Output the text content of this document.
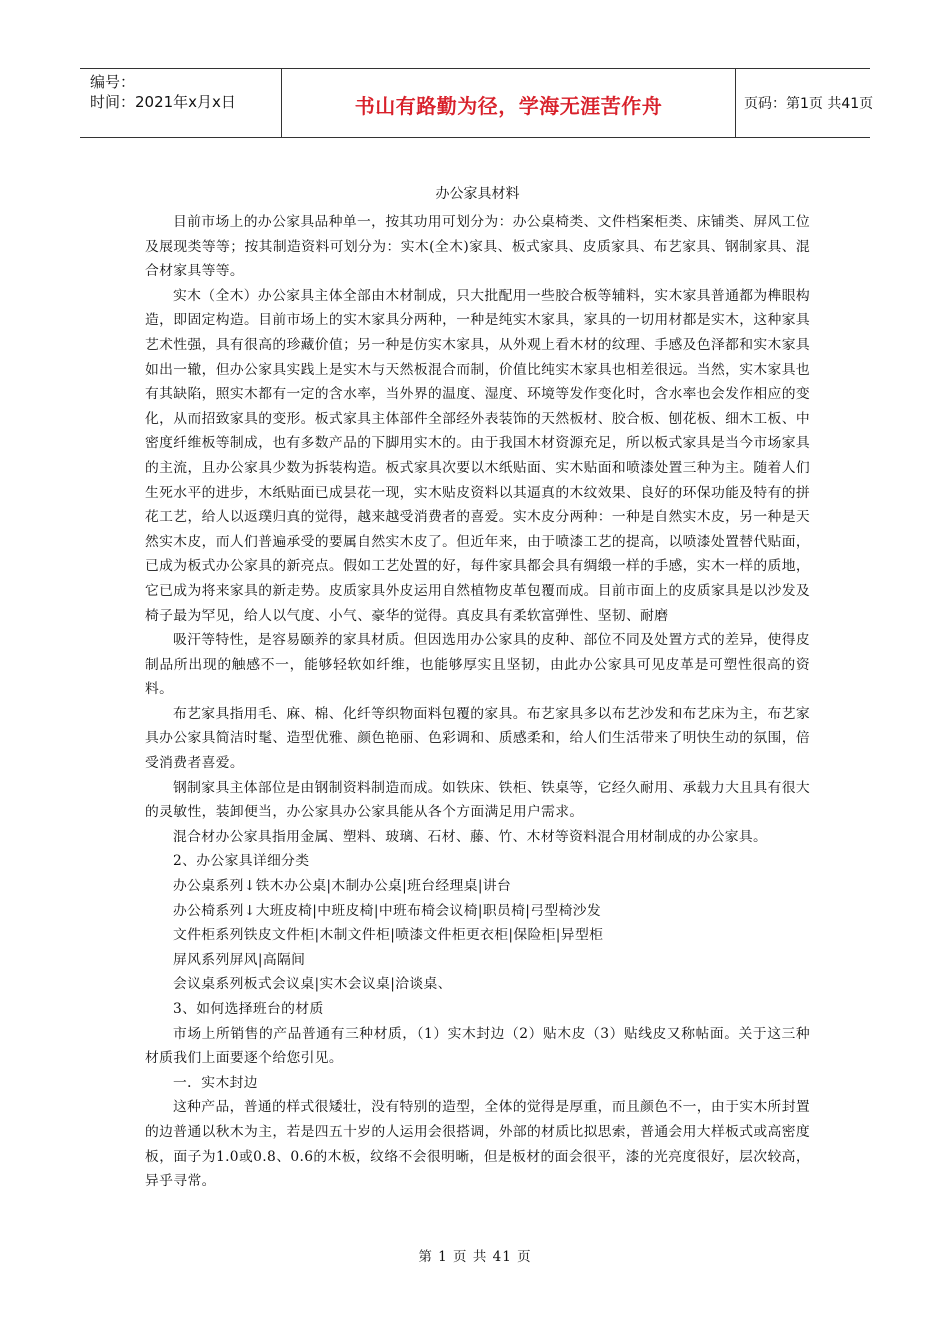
编号：
时间：2021年x月x日	书山有路勤为径，学海无涯苦作舟	页码：第1页 共41页
办公家具材料

目前市场上的办公家具品种单一，按其功用可划分为：办公桌椅类、文件档案柜类、床铺类、屏风工位及展现类等等；按其制造资料可划分为：实木(全木)家具、板式家具、皮质家具、布艺家具、钢制家具、混合材家具等等。

实木（全木）办公家具主体全部由木材制成，只大批配用一些胶合板等辅料，实木家具普通都为榫眼构造，即固定构造。目前市场上的实木家具分两种，一种是纯实木家具，家具的一切用材都是实木，这种家具艺术性强，具有很高的珍藏价值；另一种是仿实木家具，从外观上看木材的纹理、手感及色泽都和实木家具如出一辙，但办公家具实践上是实木与天然板混合而制，价值比纯实木家具也相差很远。当然，实木家具也有其缺陷，照实木都有一定的含水率，当外界的温度、湿度、环境等发作变化时，含水率也会发作相应的变化，从而招致家具的变形。板式家具主体部件全部经外表装饰的天然板材、胶合板、刨花板、细木工板、中密度纤维板等制成，也有多数产品的下脚用实木的。由于我国木材资源充足，所以板式家具是当今市场家具的主流，且办公家具少数为拆装构造。板式家具次要以木纸贴面、实木贴面和喷漆处置三种为主。随着人们生死水平的进步，木纸贴面已成昙花一现，实木贴皮资料以其逼真的木纹效果、良好的环保功能及特有的拼花工艺，给人以返璞归真的觉得，越来越受消费者的喜爱。实木皮分两种：一种是自然实木皮，另一种是天然实木皮，而人们普遍承受的要属自然实木皮了。但近年来，由于喷漆工艺的提高，以喷漆处置替代贴面，已成为板式办公家具的新亮点。假如工艺处置的好，每件家具都会具有绸缎一样的手感，实木一样的质地，它已成为将来家具的新走势。皮质家具外皮运用自然植物皮革包覆而成。目前市面上的皮质家具是以沙发及椅子最为罕见，给人以气度、小气、豪华的觉得。真皮具有柔软富弹性、坚韧、耐磨

吸汗等特性，是容易颐养的家具材质。但因选用办公家具的皮种、部位不同及处置方式的差异，使得皮制品所出现的触感不一，能够轻软如纤维，也能够厚实且坚韧，由此办公家具可见皮革是可塑性很高的资料。

布艺家具指用毛、麻、棉、化纤等织物面料包覆的家具。布艺家具多以布艺沙发和布艺床为主，布艺家具办公家具简洁时髦、造型优雅、颜色艳丽、色彩调和、质感柔和，给人们生活带来了明快生动的氛围，倍受消费者喜爱。

钢制家具主体部位是由钢制资料制造而成。如铁床、铁柜、铁桌等，它经久耐用、承载力大且具有很大的灵敏性，装卸便当，办公家具办公家具能从各个方面满足用户需求。

混合材办公家具指用金属、塑料、玻璃、石材、藤、竹、木材等资料混合用材制成的办公家具。

2、办公家具详细分类

办公桌系列↓铁木办公桌|木制办公桌|班台经理桌|讲台

办公椅系列↓大班皮椅|中班皮椅|中班布椅会议椅|职员椅|弓型椅沙发

文件柜系列铁皮文件柜|木制文件柜|喷漆文件柜更衣柜|保险柜|异型柜

屏风系列屏风|高隔间

会议桌系列板式会议桌|实木会议桌|洽谈桌、

3、如何选择班台的材质

市场上所销售的产品普通有三种材质，（1）实木封边（2）贴木皮（3）贴线皮又称帖面。关于这三种材质我们上面要逐个给您引见。

一．实木封边

这种产品，普通的样式很矮壮，没有特别的造型，全体的觉得是厚重，而且颜色不一，由于实木所封置的边普通以秋木为主，若是四五十岁的人运用会很搭调，外部的材质比拟思索，普通会用大样板式或高密度板，面子为1.0或0.8、0.6的木板，纹络不会很明晰，但是板材的面会很平，漆的光亮度很好，层次较高，异乎寻常。

第 1 页 共 41 页
